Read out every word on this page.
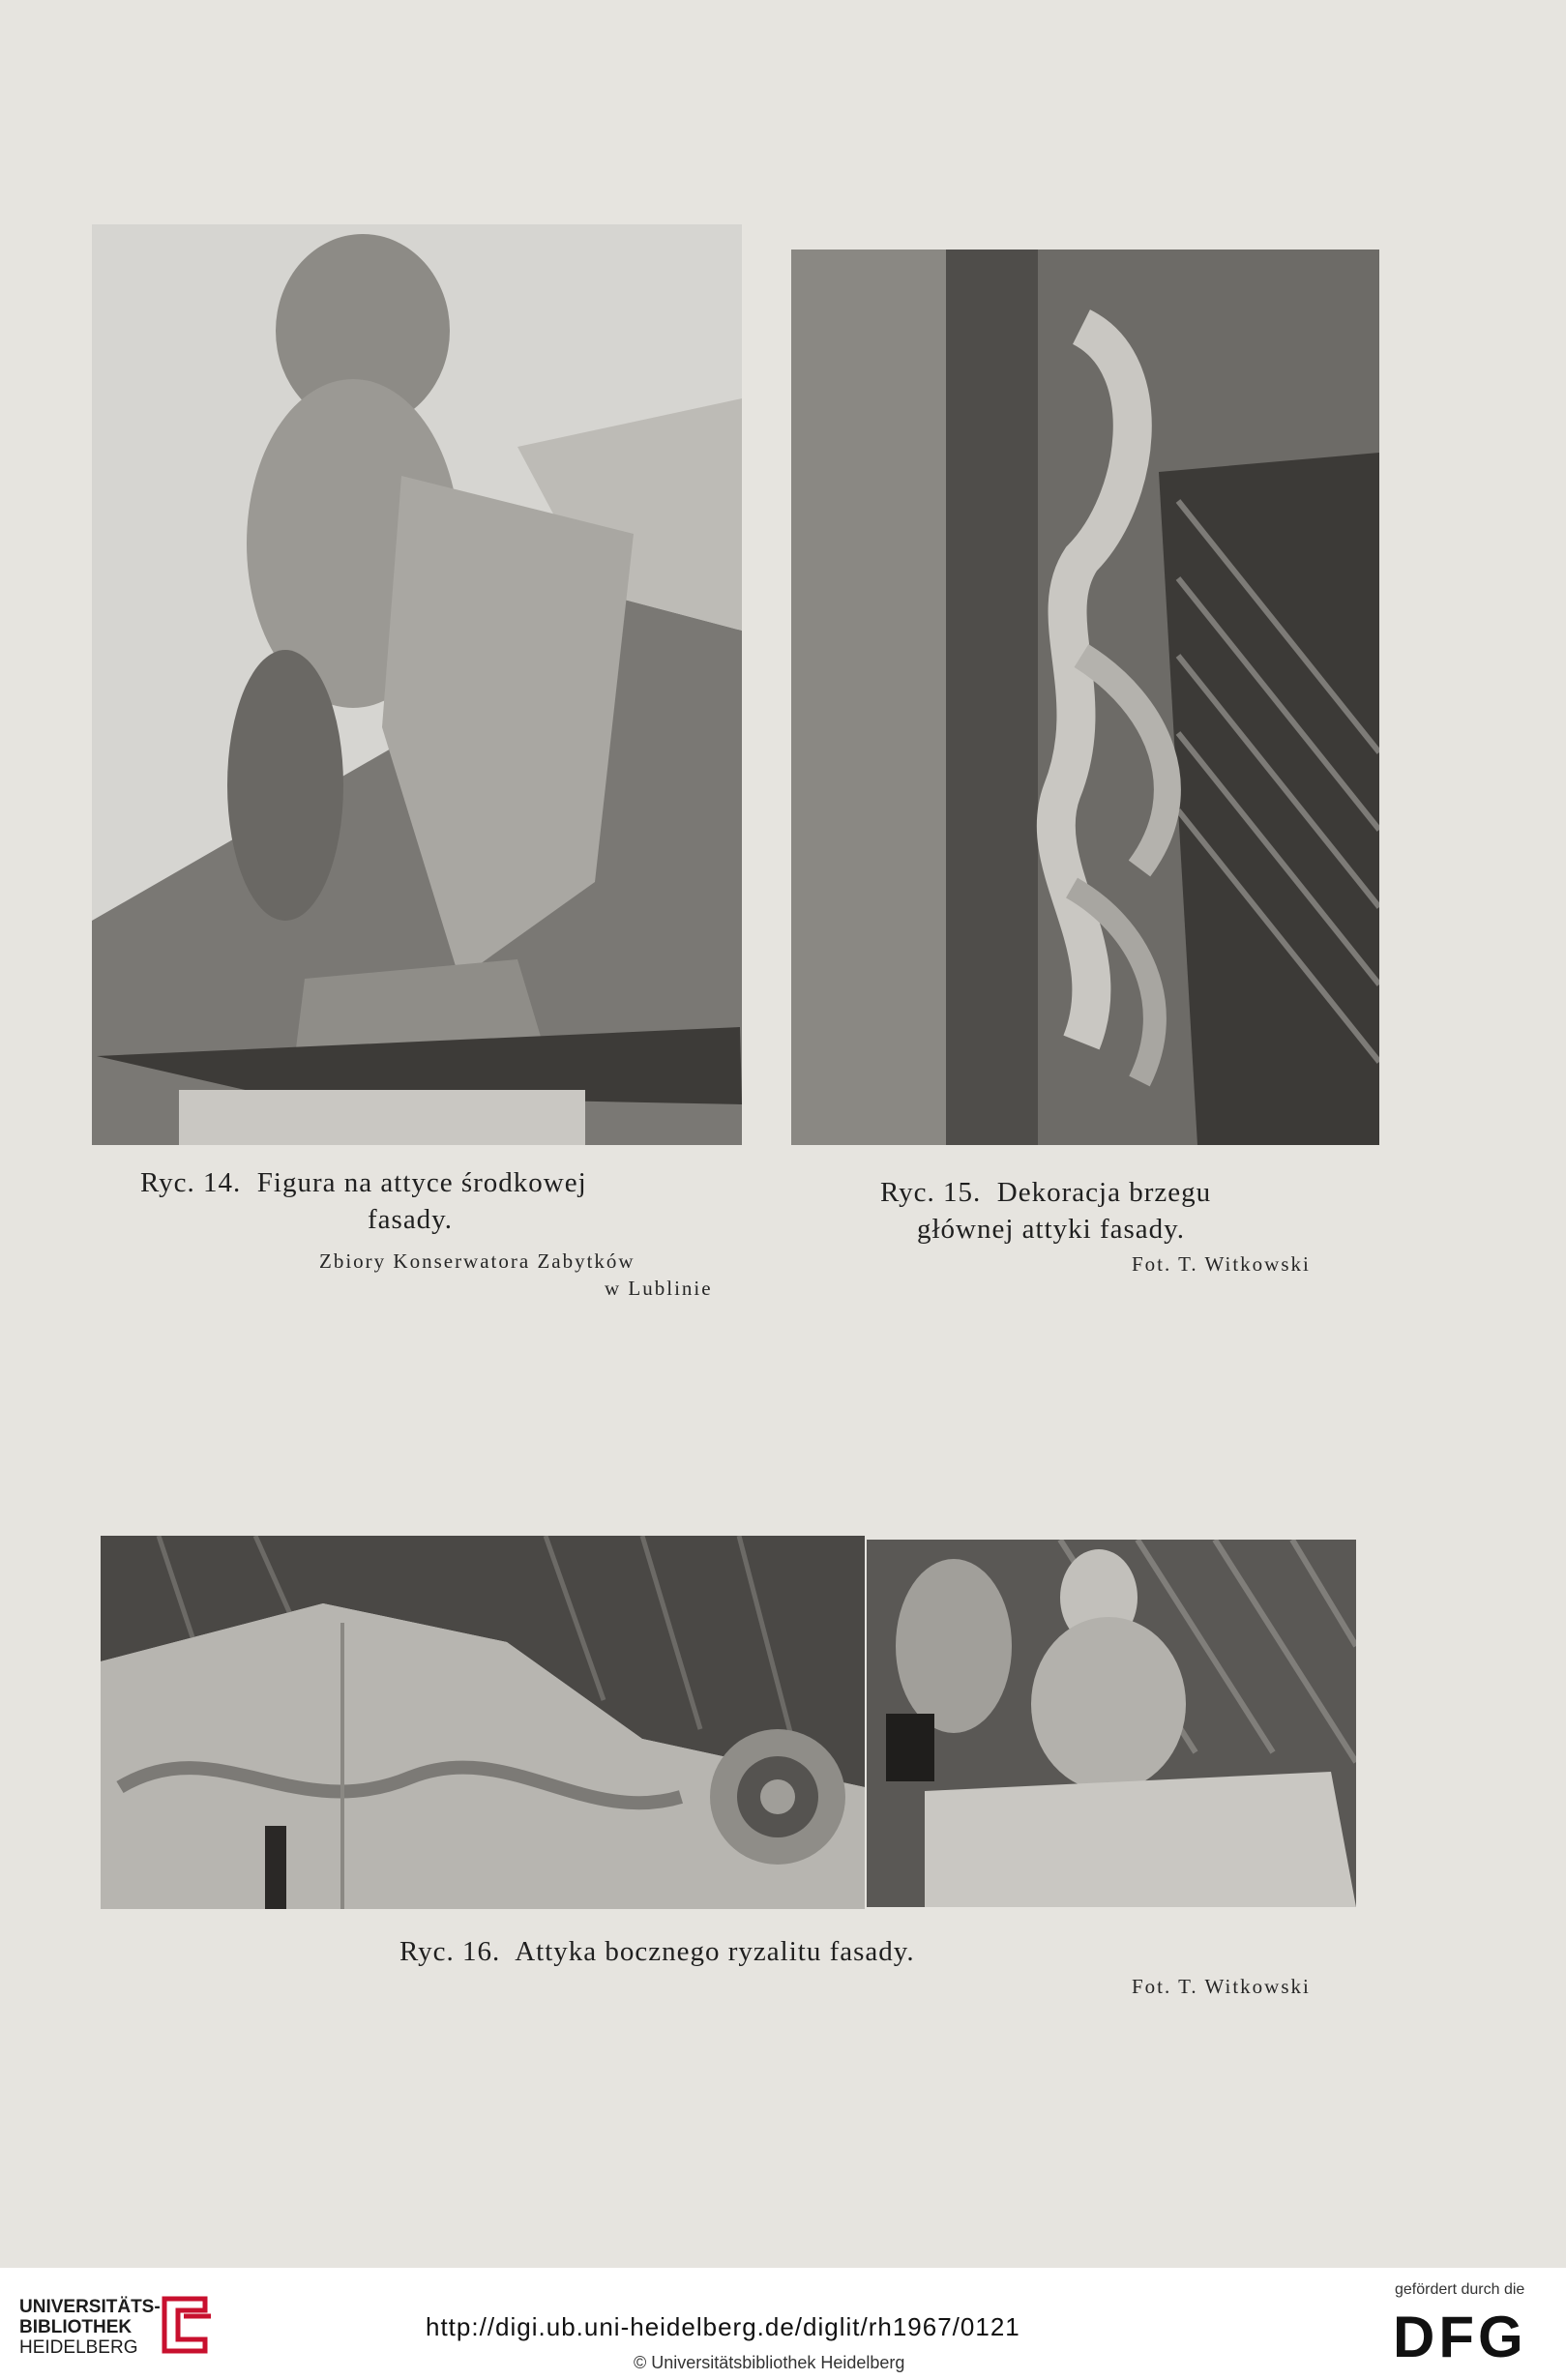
Ryc. 14.  Figura na attyce środkowej
fasady.
Zbiory Konserwatora Zabytków
w Lublinie
Ryc. 15.  Dekoracja brzegu
głównej attyki fasady.
Fot. T. Witkowski
Ryc. 16.  Attyka bocznego ryzalitu fasady.
Fot. T. Witkowski
UNIVERSITÄTS-
BIBLIOTHEK
HEIDELBERG
http://digi.ub.uni-heidelberg.de/diglit/rh1967/0121
© Universitätsbibliothek Heidelberg
gefördert durch die
DFG
